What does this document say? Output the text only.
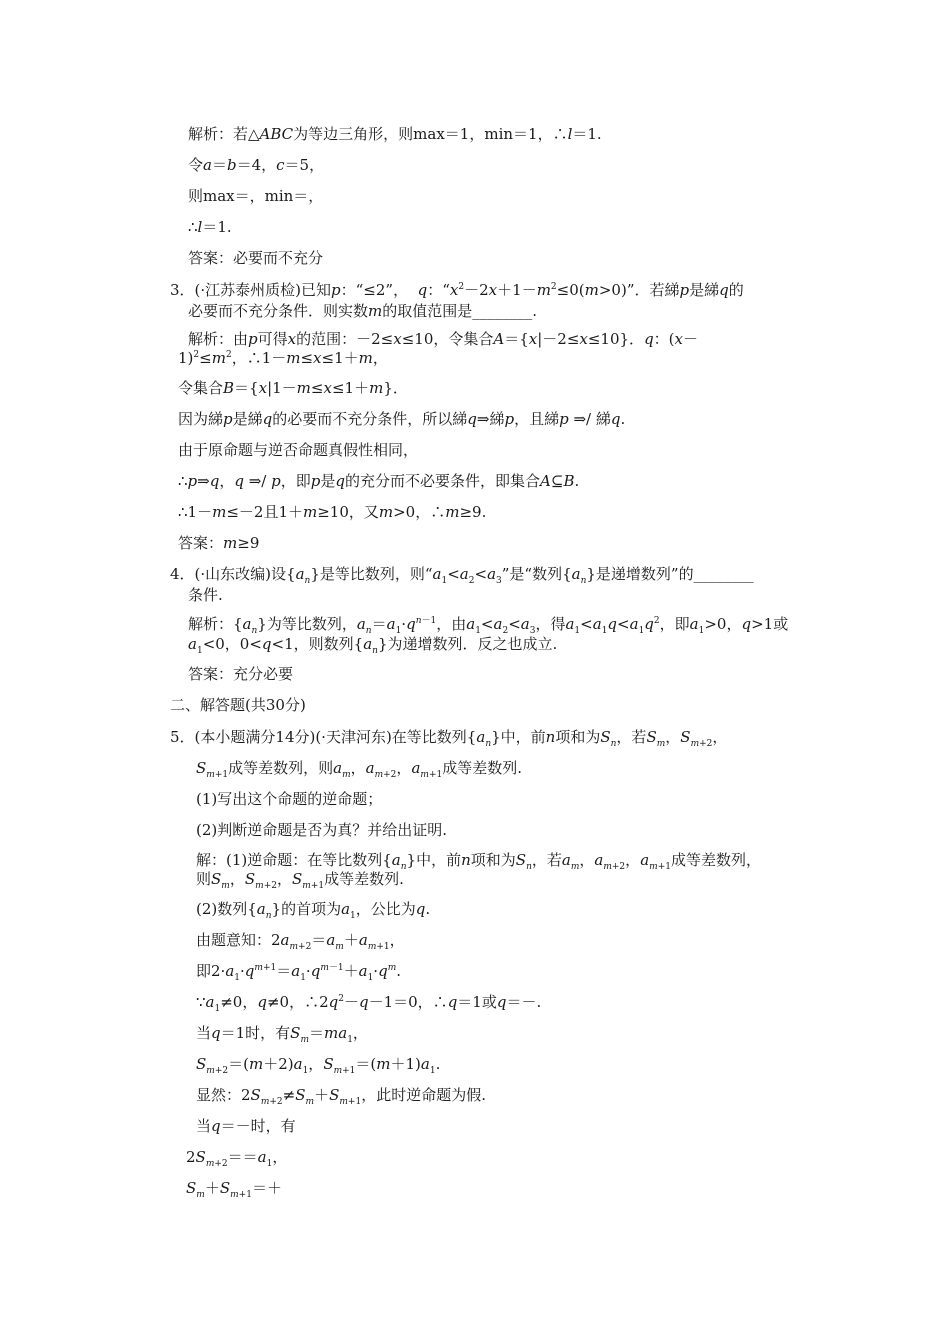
解析：若△ABC为等边三角形，则max＝1，min＝1，∴l＝1.
令a＝b＝4，c＝5，
则max＝，min＝，
∴l＝1.
答案：必要而不充分
3．(·江苏泰州质检)已知p：“≤2”，  q：“$x^2-2x+1-m^2\le 0(m>0)$”．若綈p是綈q的
必要而不充分条件．则实数m的取值范围是________.
解析：由p可得x的范围：－2≤x≤10，令集合A＝{x|－2≤x≤10}．q：(x－
$1)^2\le m^2$，∴1－m≤x≤1＋m，
令集合B＝{x|1－m≤x≤1＋m}．
因为綈p是綈q的必要而不充分条件，所以綈q⇒綈p，且綈p ⇒/ 綈q.
由于原命题与逆否命题真假性相同，
∴p⇒q，q ⇒/ p，即p是q的充分而不必要条件，即集合A⊆B.
∴1－m≤－2且1＋m≥10，又m>0，∴m≥9.
答案：m≥9
4．(·山东改编)设$\{a_n\}$是等比数列，则“$a_1<a_2<a_3$”是“数列$\{a_n\}$是递增数列”的________
条件.
解析：$\{a_n\}$为等比数列，$a_n=a_1\cdot q^{n-1}$，由$a_1<a_2<a_3$，得$a_1<a_1q<a_1q^2$，即$a_1>0$，q>1或
$a_1<0$，0<q<1，则数列$\{a_n\}$为递增数列．反之也成立.
答案：充分必要
二、解答题(共30分)
5．(本小题满分14分)(·天津河东)在等比数列$\{a_n\}$中，前n项和为$S_n$，若$S_m$，$S_{m+2}$，
$S_{m+1}$成等差数列，则$a_m$，$a_{m+2}$，$a_{m+1}$成等差数列.
(1)写出这个命题的逆命题；
(2)判断逆命题是否为真？并给出证明.
解：(1)逆命题：在等比数列$\{a_n\}$中，前n项和为$S_n$，若$a_m$，$a_{m+2}$，$a_{m+1}$成等差数列，
则$S_m$，$S_{m+2}$，$S_{m+1}$成等差数列.
(2)数列$\{a_n\}$的首项为$a_1$，公比为q.
由题意知：$2a_{m+2}=a_m+a_{m+1}$，
即$2\cdot a_1\cdot q^{m+1}=a_1\cdot q^{m-1}+a_1\cdot q^m$.
$\because a_1\ne 0$，q≠0，$\therefore 2q^2-q-1=0$，∴q＝1或q＝－.
当q＝1时，有$S_m=ma_1$，
$S_{m+2}=(m+2)a_1$，$S_{m+1}=(m+1)a_1$.
显然：$2S_{m+2}\ne S_m+S_{m+1}$，此时逆命题为假.
当q＝－时，有
$2S_{m+2}==a_1$，
$S_m+S_{m+1}=+$
